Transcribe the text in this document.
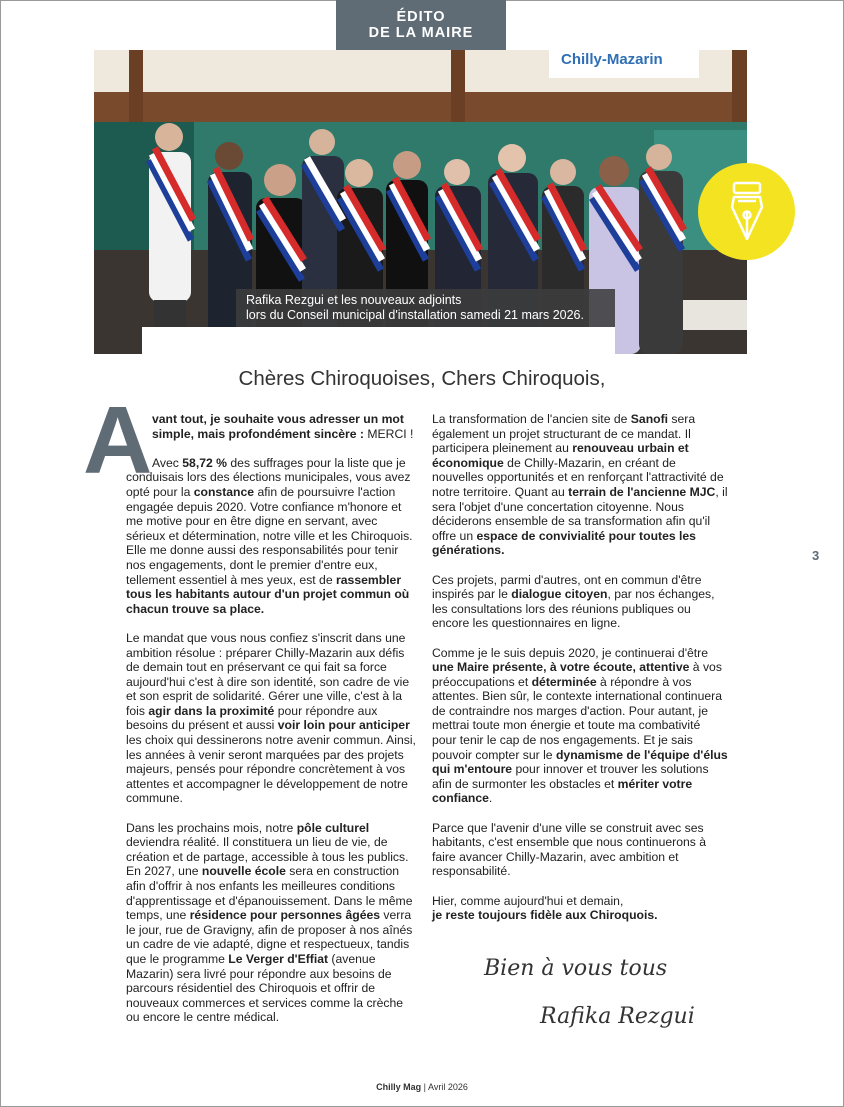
ÉDITO
DE LA MAIRE
Chilly-Mazarin
Rafika Rezgui et les nouveaux adjoints
lors du Conseil municipal d'installation samedi 21 mars 2026.
3
Chères Chiroquoises, Chers Chiroquois,
A vant tout, je souhaite vous adresser un mot simple, mais profondément sincère : MERCI !

Avec 58,72 % des suffrages pour la liste que je conduisais lors des élections municipales, vous avez opté pour la constance afin de poursuivre l'action engagée depuis 2020. Votre confiance m'honore et me motive pour en être digne en servant, avec sérieux et détermination, notre ville et les Chiroquois. Elle me donne aussi des responsabilités pour tenir nos engagements, dont le premier d'entre eux, tellement essentiel à mes yeux, est de rassembler tous les habitants autour d'un projet commun où chacun trouve sa place.

Le mandat que vous nous confiez s'inscrit dans une ambition résolue : préparer Chilly-Mazarin aux défis de demain tout en préservant ce qui fait sa force aujourd'hui c'est à dire son identité, son cadre de vie et son esprit de solidarité. Gérer une ville, c'est à la fois agir dans la proximité pour répondre aux besoins du présent et aussi voir loin pour anticiper les choix qui dessinerons notre avenir commun. Ainsi, les années à venir seront marquées par des projets majeurs, pensés pour répondre concrètement à vos attentes et accompagner le développement de notre commune.

Dans les prochains mois, notre pôle culturel deviendra réalité. Il constituera un lieu de vie, de création et de partage, accessible à tous les publics. En 2027, une nouvelle école sera en construction afin d'offrir à nos enfants les meilleures conditions d'apprentissage et d'épanouissement. Dans le même temps, une résidence pour personnes âgées verra le jour, rue de Gravigny, afin de proposer à nos aînés un cadre de vie adapté, digne et respectueux, tandis que le programme Le Verger d'Effiat (avenue Mazarin) sera livré pour répondre aux besoins de parcours résidentiel des Chiroquois et offrir de nouveaux commerces et services comme la crèche ou encore le centre médical.

La transformation de l'ancien site de Sanofi sera également un projet structurant de ce mandat. Il participera pleinement au renouveau urbain et économique de Chilly-Mazarin, en créant de nouvelles opportunités et en renforçant l'attractivité de notre territoire. Quant au terrain de l'ancienne MJC, il sera l'objet d'une concertation citoyenne. Nous déciderons ensemble de sa transformation afin qu'il offre un espace de convivialité pour toutes les générations.

Ces projets, parmi d'autres, ont en commun d'être inspirés par le dialogue citoyen, par nos échanges, les consultations lors des réunions publiques ou encore les questionnaires en ligne.

Comme je le suis depuis 2020, je continuerai d'être une Maire présente, à votre écoute, attentive à vos préoccupations et déterminée à répondre à vos attentes. Bien sûr, le contexte international continuera de contraindre nos marges d'action. Pour autant, je mettrai toute mon énergie et toute ma combativité pour tenir le cap de nos engagements. Et je sais pouvoir compter sur le dynamisme de l'équipe d'élus qui m'entoure pour innover et trouver les solutions afin de surmonter les obstacles et mériter votre confiance.

Parce que l'avenir d'une ville se construit avec ses habitants, c'est ensemble que nous continuerons à faire avancer Chilly-Mazarin, avec ambition et responsabilité.

Hier, comme aujourd'hui et demain,

je reste toujours fidèle aux Chiroquois.

Bien à vous tous
Rafika Rezgui
Chilly Mag | Avril 2026
